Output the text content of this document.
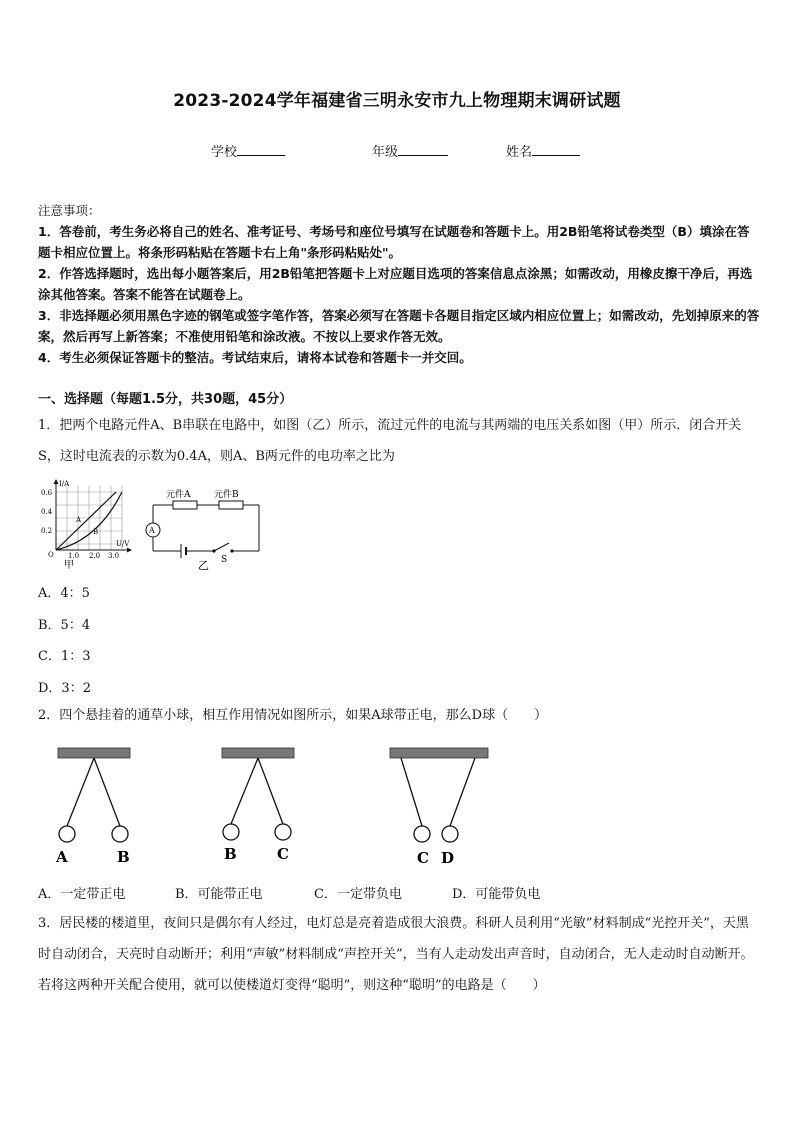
2023-2024学年福建省三明永安市九上物理期末调研试题
学校	年级	姓名

注意事项：

1．答卷前，考生务必将自己的姓名、准考证号、考场号和座位号填写在试题卷和答题卡上。用2B铅笔将试卷类型（B）填涂在答题卡相应位置上。将条形码粘贴在答题卡右上角"条形码粘贴处"。

2．作答选择题时，选出每小题答案后，用2B铅笔把答题卡上对应题目选项的答案信息点涂黑；如需改动，用橡皮擦干净后，再选涂其他答案。答案不能答在试题卷上。

3．非选择题必须用黑色字迹的钢笔或签字笔作答，答案必须写在答题卡各题目指定区域内相应位置上；如需改动，先划掉原来的答案，然后再写上新答案；不准使用铅笔和涂改液。不按以上要求作答无效。

4．考生必须保证答题卡的整洁。考试结束后，请将本试卷和答题卡一并交回。

一、选择题（每题1.5分，共30题，45分）

1．把两个电路元件A、B串联在电路中，如图（乙）所示，流过元件的电流与其两端的电压关系如图（甲）所示．闭合开关S，这时电流表的示数为0.4A，则A、B两元件的电功率之比为

I/A
U/V
0.6
0.4
0.2
1.0 2.0 3.0
O
A
B
甲
元件A	元件B
A
S
乙
A．4：5
B．5：4
C．1：3
D．3：2

2．四个悬挂着的通草小球，相互作用情况如图所示，如果A球带正电，那么D球（　　）

A	B	B	C	C D
A．一定带正电	B．可能带正电	C．一定带负电	D．可能带负电

3．居民楼的楼道里，夜间只是偶尔有人经过，电灯总是亮着造成很大浪费。科研人员利用“光敏”材料制成“光控开关”，天黑时自动闭合，天亮时自动断开；利用“声敏”材料制成“声控开关”，当有人走动发出声音时，自动闭合，无人走动时自动断开。若将这两种开关配合使用，就可以使楼道灯变得“聪明”，则这种“聪明”的电路是（　　）
